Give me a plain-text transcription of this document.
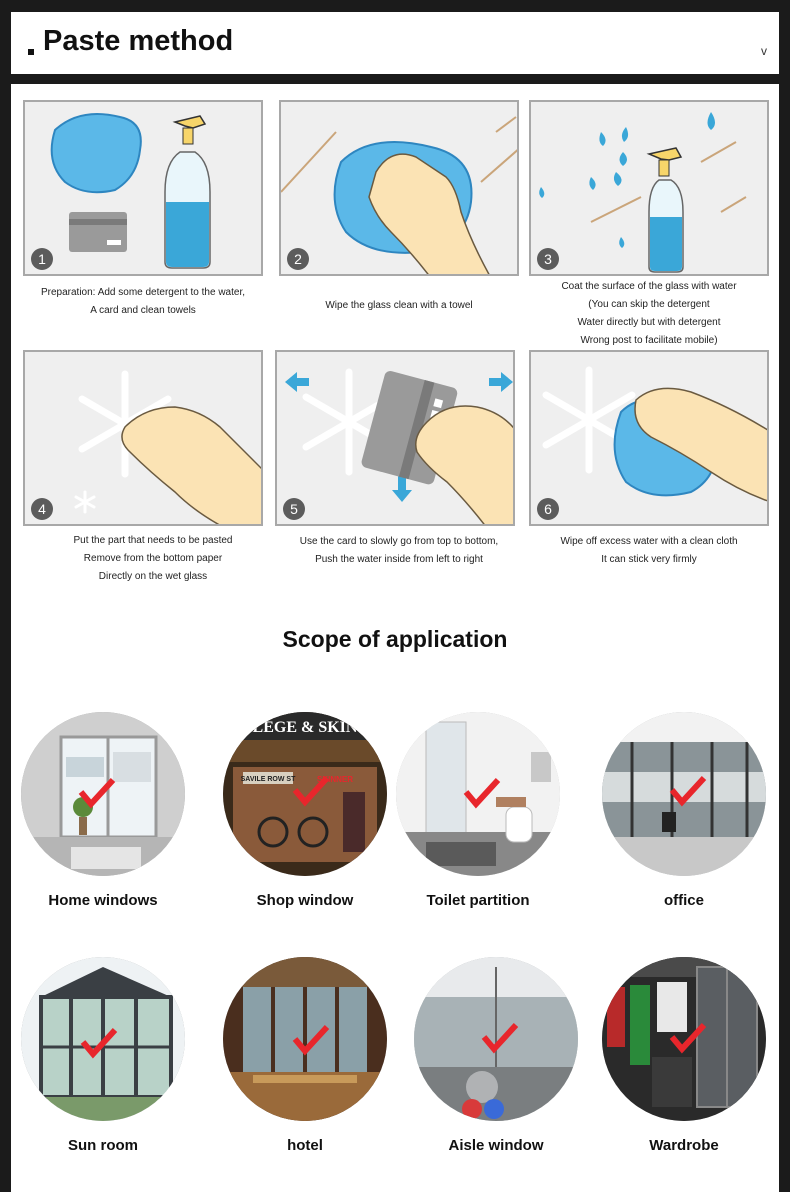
Paste method	v
1
Preparation: Add some detergent to the water,
A card and clean towels
2
Wipe the glass clean with a towel
3
Coat the surface of the glass with water
(You can skip the detergent
Water directly but with detergent
Wrong post to facilitate mobile)
4
Put the part that needs to be pasted
Remove from the bottom paper
Directly on the wet glass
5
Use the card to slowly go from top to bottom,
Push the water inside from left to right
6
Wipe off excess water with a clean cloth
It can stick very firmly
Scope of application
Home windows
LEGE & SKIN
SAVILE ROW ST	SKINNER
Shop window	Toilet partition	office
Sun room	hotel	Aisle window	Wardrobe
